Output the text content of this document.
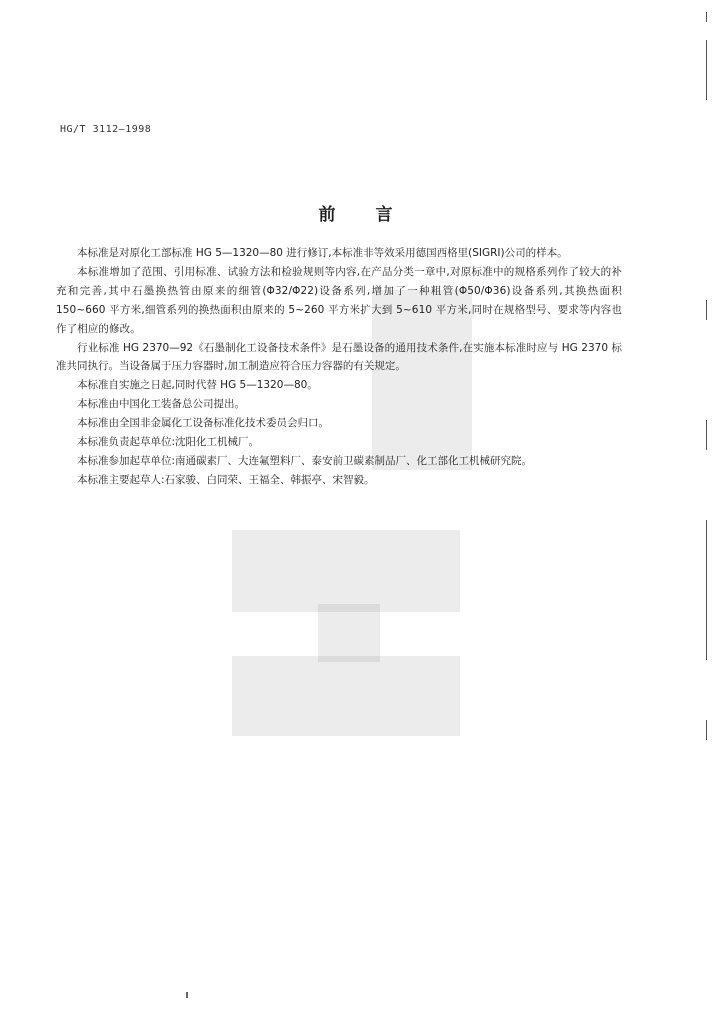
HG/T 3112—1998
前 言

本标准是对原化工部标准 HG 5—1320—80 进行修订,本标准非等效采用德国西格里(SIGRI)公司的样本。

本标准增加了范围、引用标准、试验方法和检验规则等内容,在产品分类一章中,对原标准中的规格系列作了较大的补充和完善,其中石墨换热管由原来的细管(Φ32/Φ22)设备系列,增加了一种粗管(Φ50/Φ36)设备系列,其换热面积 150~660 平方米,细管系列的换热面积由原来的 5~260 平方米扩大到 5~610 平方米,同时在规格型号、要求等内容也作了相应的修改。

行业标准 HG 2370—92《石墨制化工设备技术条件》是石墨设备的通用技术条件,在实施本标准时应与 HG 2370 标准共同执行。当设备属于压力容器时,加工制造应符合压力容器的有关规定。

本标准自实施之日起,同时代替 HG 5—1320—80。

本标准由中国化工装备总公司提出。

本标准由全国非金属化工设备标准化技术委员会归口。

本标准负责起草单位:沈阳化工机械厂。

本标准参加起草单位:南通碳素厂、大连氟塑料厂、泰安前卫碳素制品厂、化工部化工机械研究院。

本标准主要起草人:石家骏、白同荣、王福全、韩振亭、宋智毅。
